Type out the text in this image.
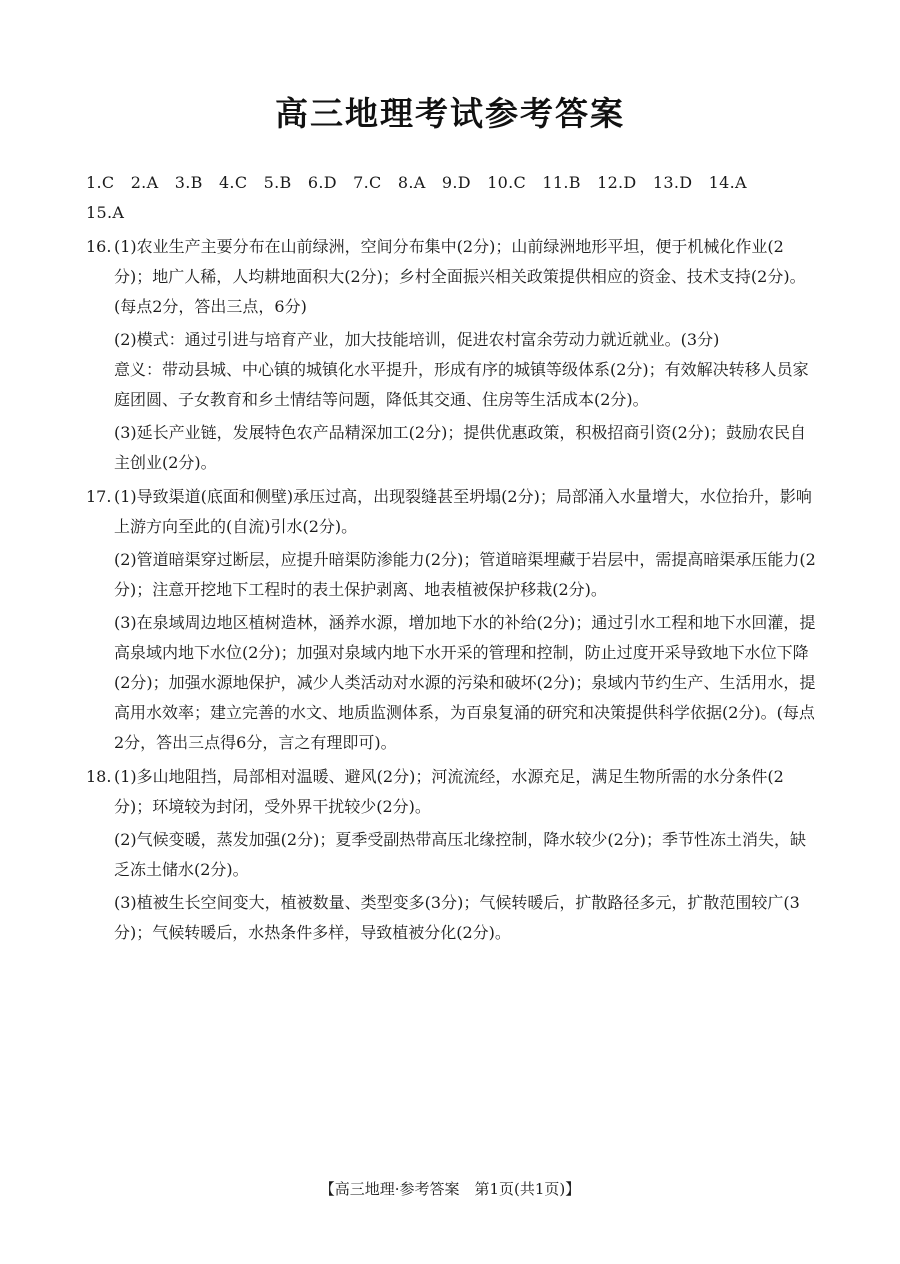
高三地理考试参考答案

1.C　2.A　3.B　4.C　5.B　6.D　7.C　8.A　9.D　10.C　11.B　12.D　13.D　14.A

15.A

16. (1)农业生产主要分布在山前绿洲，空间分布集中(2分)；山前绿洲地形平坦，便于机械化作业(2分)；地广人稀，人均耕地面积大(2分)；乡村全面振兴相关政策提供相应的资金、技术支持(2分)。(每点2分，答出三点，6分)

(2)模式：通过引进与培育产业，加大技能培训，促进农村富余劳动力就近就业。(3分)

意义：带动县城、中心镇的城镇化水平提升，形成有序的城镇等级体系(2分)；有效解决转移人员家庭团圆、子女教育和乡土情结等问题，降低其交通、住房等生活成本(2分)。

(3)延长产业链，发展特色农产品精深加工(2分)；提供优惠政策，积极招商引资(2分)；鼓励农民自主创业(2分)。

17. (1)导致渠道(底面和侧壁)承压过高，出现裂缝甚至坍塌(2分)；局部涌入水量增大，水位抬升，影响上游方向至此的(自流)引水(2分)。

(2)管道暗渠穿过断层，应提升暗渠防渗能力(2分)；管道暗渠埋藏于岩层中，需提高暗渠承压能力(2分)；注意开挖地下工程时的表土保护剥离、地表植被保护移栽(2分)。

(3)在泉域周边地区植树造林，涵养水源，增加地下水的补给(2分)；通过引水工程和地下水回灌，提高泉域内地下水位(2分)；加强对泉域内地下水开采的管理和控制，防止过度开采导致地下水位下降(2分)；加强水源地保护，减少人类活动对水源的污染和破坏(2分)；泉域内节约生产、生活用水，提高用水效率；建立完善的水文、地质监测体系，为百泉复涌的研究和决策提供科学依据(2分)。(每点2分，答出三点得6分，言之有理即可)。

18. (1)多山地阻挡，局部相对温暖、避风(2分)；河流流经，水源充足，满足生物所需的水分条件(2分)；环境较为封闭，受外界干扰较少(2分)。

(2)气候变暖，蒸发加强(2分)；夏季受副热带高压北缘控制，降水较少(2分)；季节性冻土消失，缺乏冻土储水(2分)。

(3)植被生长空间变大，植被数量、类型变多(3分)；气候转暖后，扩散路径多元，扩散范围较广(3分)；气候转暖后，水热条件多样，导致植被分化(2分)。

【高三地理·参考答案　第1页(共1页)】
